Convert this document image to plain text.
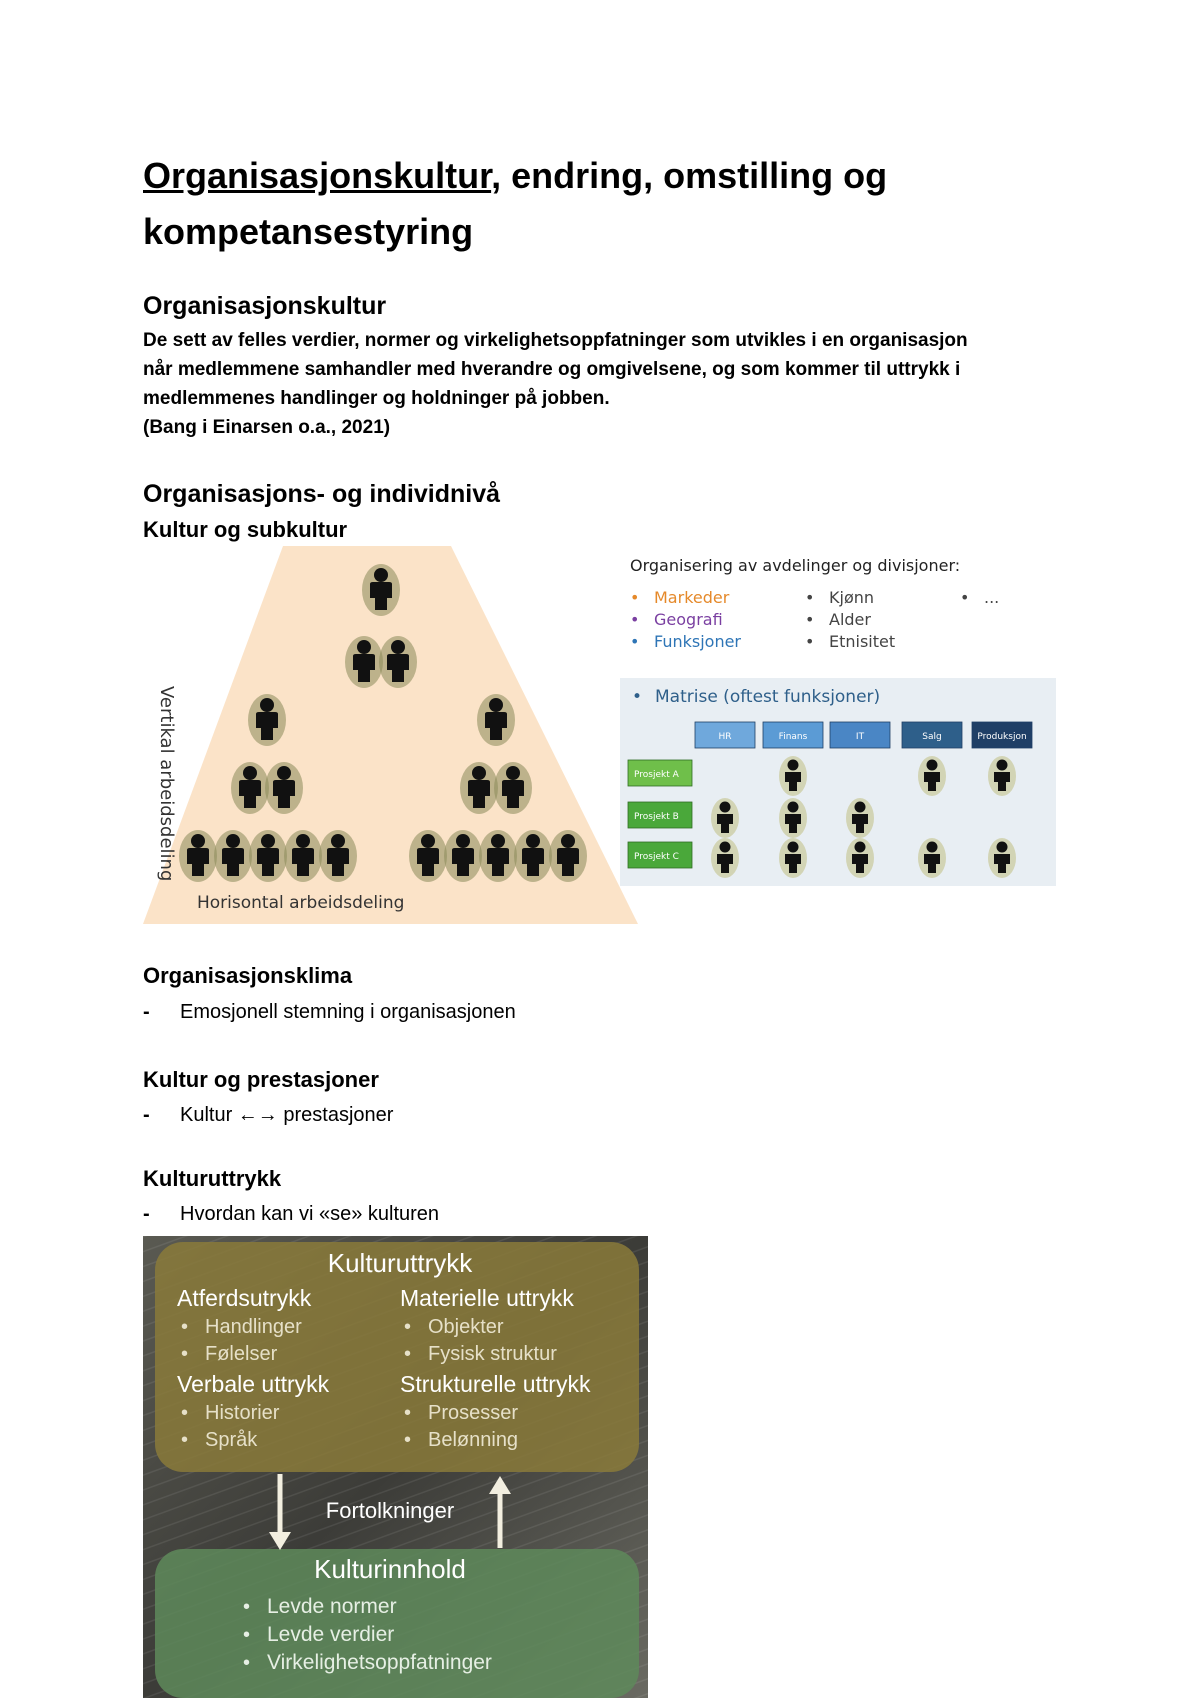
Organisasjonskultur, endring, omstilling og
kompetansestyring
Organisasjonskultur

De sett av felles verdier, normer og virkelighetsoppfatninger som utvikles i en organisasjon

når medlemmene samhandler med hverandre og omgivelsene, og som kommer til uttrykk i

medlemmenes handlinger og holdninger på jobben.

(Bang i Einarsen o.a., 2021)

Organisasjons- og individnivå
Kultur og subkultur
Vertikal arbeidsdeling
Horisontal arbeidsdeling
Organisering av avdelinger og divisjoner:
• Markeder
• Geografi
• Funksjoner
• Kjønn
• Alder
• Etnisitet
• ...
• Matrise (oftest funksjoner)
HR	Finans	IT	Salg	Produksjon
Prosjekt A
Prosjekt B
Prosjekt C
Organisasjonsklima
-	Emosjonell stemning i organisasjonen
Kultur og prestasjoner
-	Kultur ←→ prestasjoner
Kulturuttrykk
-	Hvordan kan vi «se» kulturen
Kulturuttrykk
Atferdsutrykk
• Handlinger
• Følelser
Materielle uttrykk
• Objekter
• Fysisk struktur
Verbale uttrykk
• Historier
• Språk
Strukturelle uttrykk
• Prosesser
• Belønning
Fortolkninger
Kulturinnhold
• Levde normer
• Levde verdier
• Virkelighetsoppfatninger
